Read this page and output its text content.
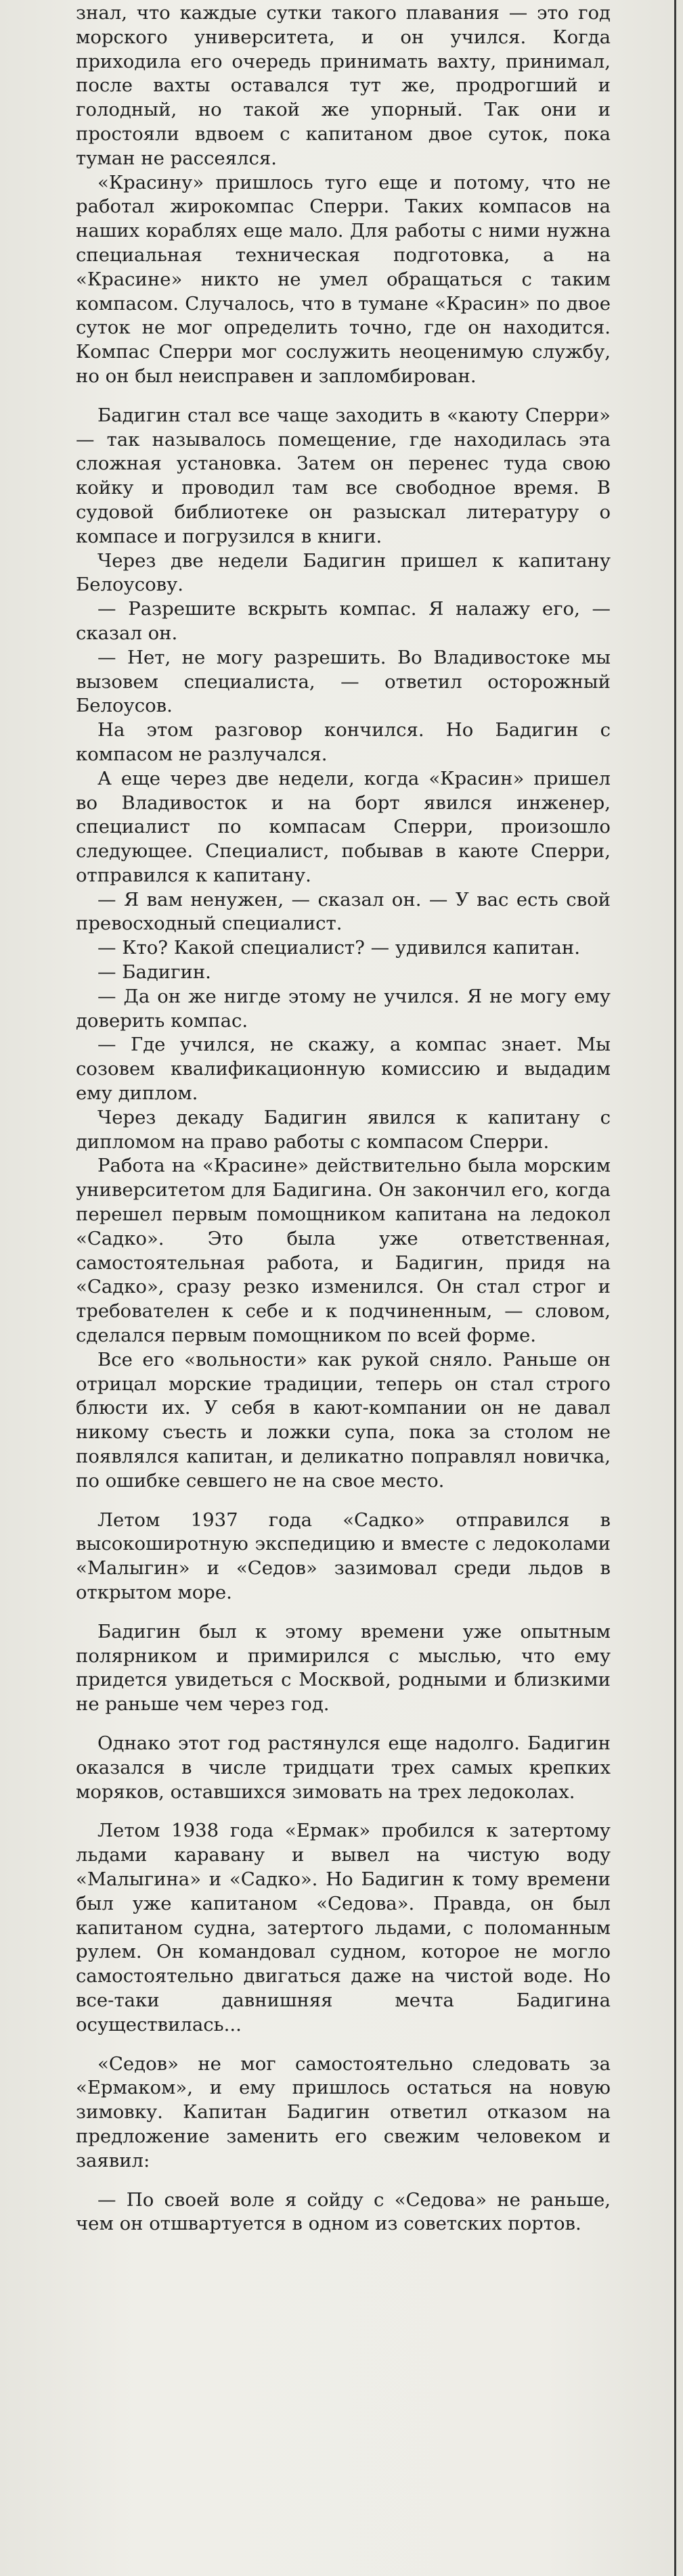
знал, что каждые сутки такого плавания — это год морского университета, и он учился. Когда приходила его очередь принимать вахту, принимал, после вахты оставался тут же, продрогший и голодный, но такой же упорный. Так они и простояли вдвоем с капитаном двое суток, пока туман не рассеялся.

«Красину» пришлось туго еще и потому, что не работал жирокомпас Сперри. Таких компасов на наших кораблях еще мало. Для работы с ними нужна специальная техническая подготовка, а на «Красине» никто не умел обращаться с таким компасом. Случалось, что в тумане «Красин» по двое суток не мог определить точно, где он находится. Компас Сперри мог сослужить неоценимую службу, но он был неисправен и запломбирован.

Бадигин стал все чаще заходить в «каюту Сперри» — так называлось помещение, где находилась эта сложная установка. Затем он перенес туда свою койку и проводил там все свободное время. В судовой библиотеке он разыскал литературу о компасе и погрузился в книги.

Через две недели Бадигин пришел к капитану Белоусову.

— Разрешите вскрыть компас. Я налажу его, — сказал он.

— Нет, не могу разрешить. Во Владивостоке мы вызовем специалиста, — ответил осторожный Белоусов.

На этом разговор кончился. Но Бадигин с компасом не разлучался.

А еще через две недели, когда «Красин» пришел во Владивосток и на борт явился инженер, специалист по компасам Сперри, произошло следующее. Специалист, побывав в каюте Сперри, отправился к капитану.

— Я вам ненужен, — сказал он. — У вас есть свой превосходный специалист.

— Кто? Какой специалист? — удивился капитан.

— Бадигин.

— Да он же нигде этому не учился. Я не могу ему доверить компас.

— Где учился, не скажу, а компас знает. Мы созовем квалификационную комиссию и выдадим ему диплом.

Через декаду Бадигин явился к капитану с дипломом на право работы с компасом Сперри.

Работа на «Красине» действительно была морским университетом для Бадигина. Он закончил его, когда перешел первым помощником капитана на ледокол «Садко». Это была уже ответственная, самостоятельная работа, и Бадигин, придя на «Садко», сразу резко изменился. Он стал строг и требователен к себе и к подчиненным, — словом, сделался первым помощником по всей форме.

Все его «вольности» как рукой сняло. Раньше он отрицал морские традиции, теперь он стал строго блюсти их. У себя в кают-компании он не давал никому съесть и ложки супа, пока за столом не появлялся капитан, и деликатно поправлял новичка, по ошибке севшего не на свое место.

Летом 1937 года «Садко» отправился в высокоширотную экспедицию и вместе с ледоколами «Малыгин» и «Седов» зазимовал среди льдов в открытом море.

Бадигин был к этому времени уже опытным полярником и примирился с мыслью, что ему придется увидеться с Москвой, родными и близкими не раньше чем через год.

Однако этот год растянулся еще надолго. Бадигин оказался в числе тридцати трех самых крепких моряков, оставшихся зимовать на трех ледоколах.

Летом 1938 года «Ермак» пробился к затертому льдами каравану и вывел на чистую воду «Малыгина» и «Садко». Но Бадигин к тому времени был уже капитаном «Седова». Правда, он был капитаном судна, затертого льдами, с поломанным рулем. Он командовал судном, которое не могло самостоятельно двигаться даже на чистой воде. Но все-таки давнишняя мечта Бадигина осуществилась...

«Седов» не мог самостоятельно следовать за «Ермаком», и ему пришлось остаться на новую зимовку. Капитан Бадигин ответил отказом на предложение заменить его свежим человеком и заявил:

— По своей воле я сойду с «Седова» не раньше, чем он отшвартуется в одном из советских портов.
